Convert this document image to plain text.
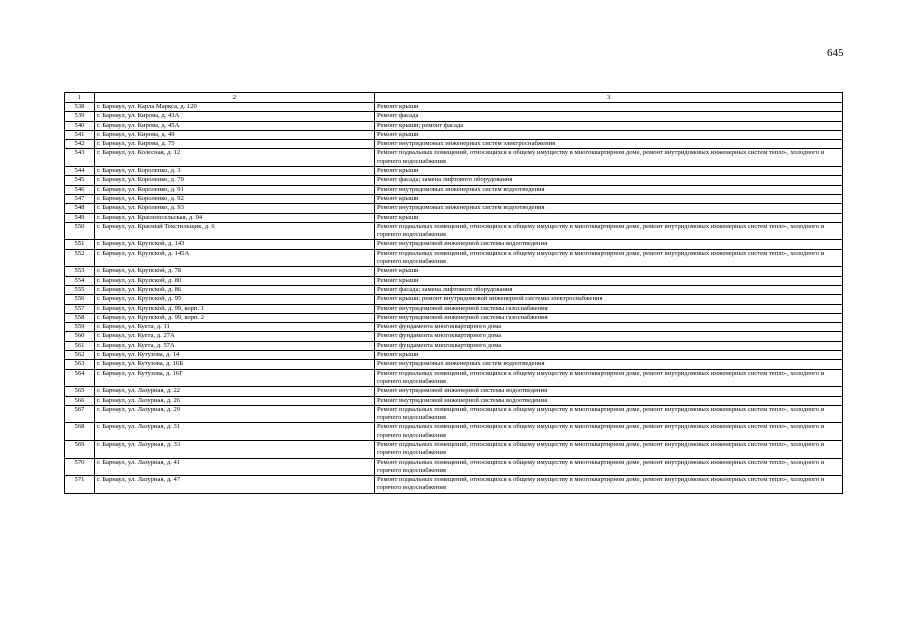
645
1	2	3
538	г. Барнаул, ул. Карла Маркса, д. 120	Ремонт крыши
539	г. Барнаул, ул. Кирова, д. 43А	Ремонт фасада
540	г. Барнаул, ул. Кирова, д. 45А	Ремонт крыши; ремонт фасада
541	г. Барнаул, ул. Кирова, д. 49	Ремонт крыши
542	г. Барнаул, ул. Кирова, д. 75	Ремонт внутридомовых инженерных систем электроснабжения
543	г. Барнаул, ул. Колесная, д. 12	Ремонт подвальных помещений, относящихся к общему имуществу в многоквартирном доме, ремонт внутридомовых инженерных систем тепло-, холодного и горячего водоснабжения
544	г. Барнаул, ул. Короленко, д. 3	Ремонт крыши
545	г. Барнаул, ул. Короленко, д. 70	Ремонт фасада; замена лифтового оборудования
546	г. Барнаул, ул. Короленко, д. 91	Ремонт внутридомовых инженерных систем водоотведения
547	г. Барнаул, ул. Короленко, д. 92	Ремонт крыши
548	г. Барнаул, ул. Короленко, д. 93	Ремонт внутридомовых инженерных систем водоотведения
549	г. Барнаул, ул. Красноосельская, д. 94	Ремонт крыши
550	г. Барнаул, ул. Красный Текстильщик, д. 6	Ремонт подвальных помещений, относящихся к общему имуществу в многоквартирном доме, ремонт внутридомовых инженерных систем тепло-, холодного и горячего водоснабжения
551	г. Барнаул, ул. Крупской, д. 143	Ремонт внутридомовой инженерной системы водоотведения
552	г. Барнаул, ул. Крупской, д. 145А	Ремонт подвальных помещений, относящихся к общему имуществу в многоквартирном доме, ремонт внутридомовых инженерных систем тепло-, холодного и горячего водоснабжения
553	г. Барнаул, ул. Крупской, д. 78	Ремонт крыши
554	г. Барнаул, ул. Крупской, д. 80	Ремонт крыши
555	г. Барнаул, ул. Крупской, д. 86	Ремонт фасада; замена лифтового оборудования
556	г. Барнаул, ул. Крупской, д. 95	Ремонт крыши; ремонт внутридомовой инженерной системы электроснабжения
557	г. Барнаул, ул. Крупской, д. 99, корп. 1	Ремонт внутридомовой инженерной системы газоснабжения
558	г. Барнаул, ул. Крупской, д. 99, корп. 2	Ремонт внутридомовой инженерной системы газоснабжения
559	г. Барнаул, ул. Куета, д. 11	Ремонт фундамента многоквартирного дома
560	г. Барнаул, ул. Куета, д. 27А	Ремонт фундамента многоквартирного дома
561	г. Барнаул, ул. Куета, д. 57А	Ремонт фундамента многоквартирного дома
562	г. Барнаул, ул. Кутузова, д. 14	Ремонт крыши
563	г. Барнаул, ул. Кутузова, д. 16Б	Ремонт внутридомовых инженерных систем водоотведения
564	г. Барнаул, ул. Кутузова, д. 16Г	Ремонт подвальных помещений, относящихся к общему имуществу в многоквартирном доме, ремонт внутридомовых инженерных систем тепло-, холодного и горячего водоснабжения
565	г. Барнаул, ул. Лазурная, д. 22	Ремонт внутридомовой инженерной системы водоотведения
566	г. Барнаул, ул. Лазурная, д. 26	Ремонт внутридомовой инженерной системы водоотведения
567	г. Барнаул, ул. Лазурная, д. 29	Ремонт подвальных помещений, относящихся к общему имуществу в многоквартирном доме, ремонт внутридомовых инженерных систем тепло-, холодного и горячего водоснабжения
568	г. Барнаул, ул. Лазурная, д. 31	Ремонт подвальных помещений, относящихся к общему имуществу в многоквартирном доме, ремонт внутридомовых инженерных систем тепло-, холодного и горячего водоснабжения
569	г. Барнаул, ул. Лазурная, д. 33	Ремонт подвальных помещений, относящихся к общему имуществу в многоквартирном доме, ремонт внутридомовых инженерных систем тепло-, холодного и горячего водоснабжения
570	г. Барнаул, ул. Лазурная, д. 41	Ремонт подвальных помещений, относящихся к общему имуществу в многоквартирном доме, ремонт внутридомовых инженерных систем тепло-, холодного и горячего водоснабжения
571	г. Барнаул, ул. Лазурная, д. 47	Ремонт подвальных помещений, относящихся к общему имуществу в многоквартирном доме, ремонт внутридомовых инженерных систем тепло-, холодного и горячего водоснабжения
